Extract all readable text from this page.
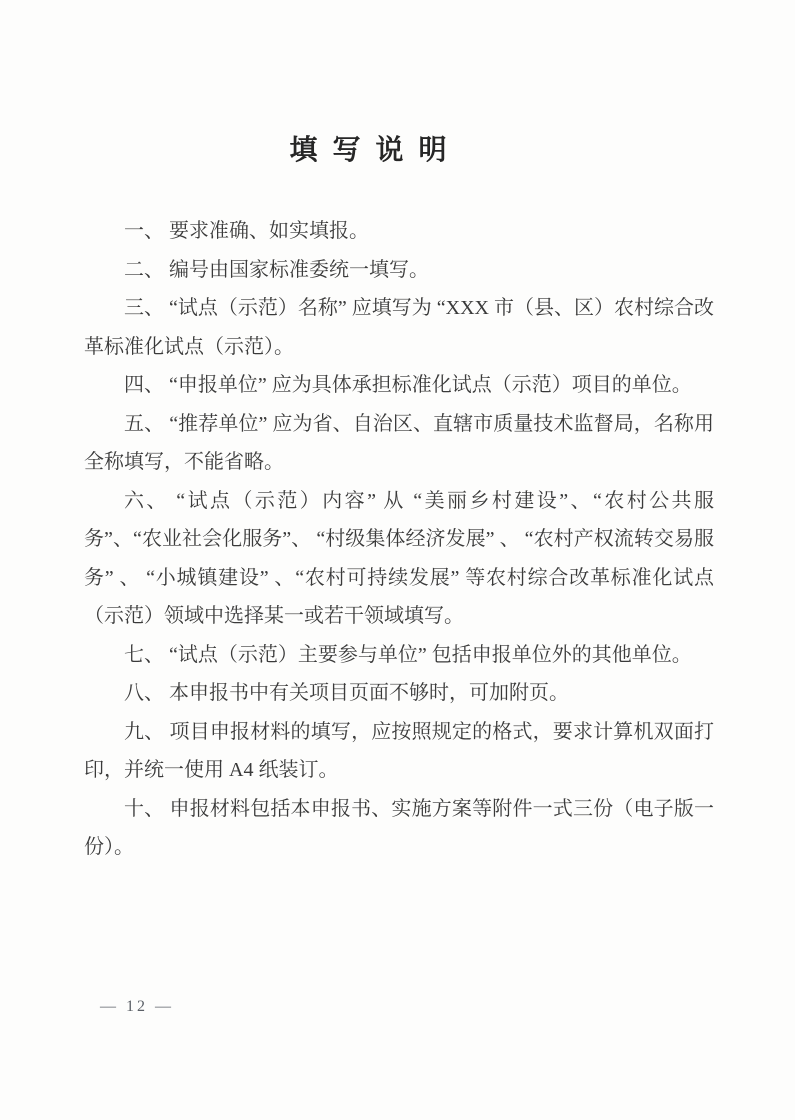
填 写 说 明

一、 要求准确、如实填报。

二、 编号由国家标准委统一填写。

三、 “试点（示范）名称” 应填写为 “XXX 市（县、区）农村综合改革标准化试点（示范）。

四、 “申报单位” 应为具体承担标准化试点（示范）项目的单位。

五、 “推荐单位” 应为省、自治区、直辖市质量技术监督局，名称用全称填写，不能省略。

六、 “试点（示范）内容” 从 “美丽乡村建设”、“农村公共服务”、“农业社会化服务”、 “村级集体经济发展” 、 “农村产权流转交易服务” 、 “小城镇建设” 、“农村可持续发展” 等农村综合改革标准化试点（示范）领域中选择某一或若干领域填写。

七、 “试点（示范）主要参与单位” 包括申报单位外的其他单位。

八、 本申报书中有关项目页面不够时，可加附页。

九、 项目申报材料的填写，应按照规定的格式，要求计算机双面打印，并统一使用 A4 纸装订。

十、 申报材料包括本申报书、实施方案等附件一式三份（电子版一份）。

— 12 —
